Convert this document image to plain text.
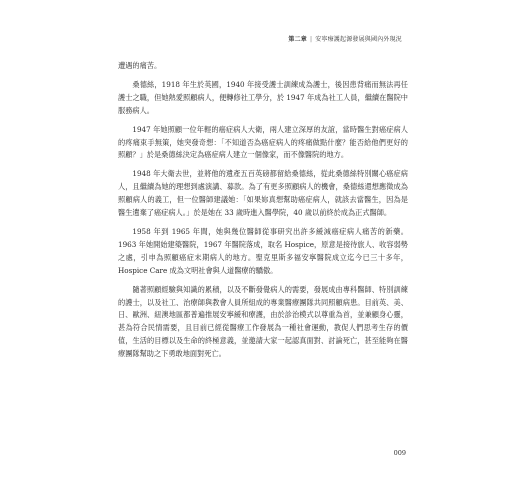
第二章 | 安寧療護起源發展與國內外現況

遭遇的痛苦。

桑德絲，1918 年生於英國，1940 年接受護士訓練成為護士，後因患背痛而無法再任護士之職，但她熱愛照顧病人，便轉修社工學分，於 1947 年成為社工人員，繼續在醫院中服務病人。

1947 年她照顧一位年輕的癌症病人大衛，兩人建立深厚的友誼，當時醫生對癌症病人的疼痛束手無策，她突發奇想：「不知道否為癌症病人的疼痛做點什麼？能否給他們更好的照顧？」於是桑德絲決定為癌症病人建立一個像家，而不像醫院的地方。

1948 年大衛去世，並將他的遺產五百英磅都留給桑德絲，從此桑德絲特別關心癌症病人，且繼續為她的理想到處演講、募款。為了有更多照顧病人的機會，桑德絲還想應徵成為照顧病人的義工，但一位醫師建議她：「如果妳真想幫助癌症病人，就該去當醫生，因為是醫生遺棄了癌症病人。」於是她在 33 歲時進入醫學院，40 歲以前終於成為正式醫師。

1958 年到 1965 年間，她與幾位醫師從事研究出許多緩減癌症病人痛苦的新藥。1963 年她開始建築醫院，1967 年醫院落成，取名 Hospice，原意是接待旅人、收容弱勢之處，引申為照顧癌症末期病人的地方。聖克里斯多福安寧醫院成立迄今已三十多年，Hospice Care 成為文明社會與人道醫療的驕傲。

隨著照顧經驗與知識的累積，以及不斷發覺病人的需要，發展成由專科醫師、特別訓練的護士，以及社工、治療師與教會人員所組成的專業醫療團隊共同照顧病患。目前英、美、日、歐洲、紐澳地區都普遍推展安寧緩和療護，由於診治模式以尊重為首，並兼顧身心靈，甚為符合民情需要，且目前已經從醫療工作發展為一種社會運動，教促人們思考生存的價值，生活的目標以及生命的終極意義，並邀請大家一起認真面對、討論死亡，甚至能夠在醫療團隊幫助之下勇敢地面對死亡。

009
